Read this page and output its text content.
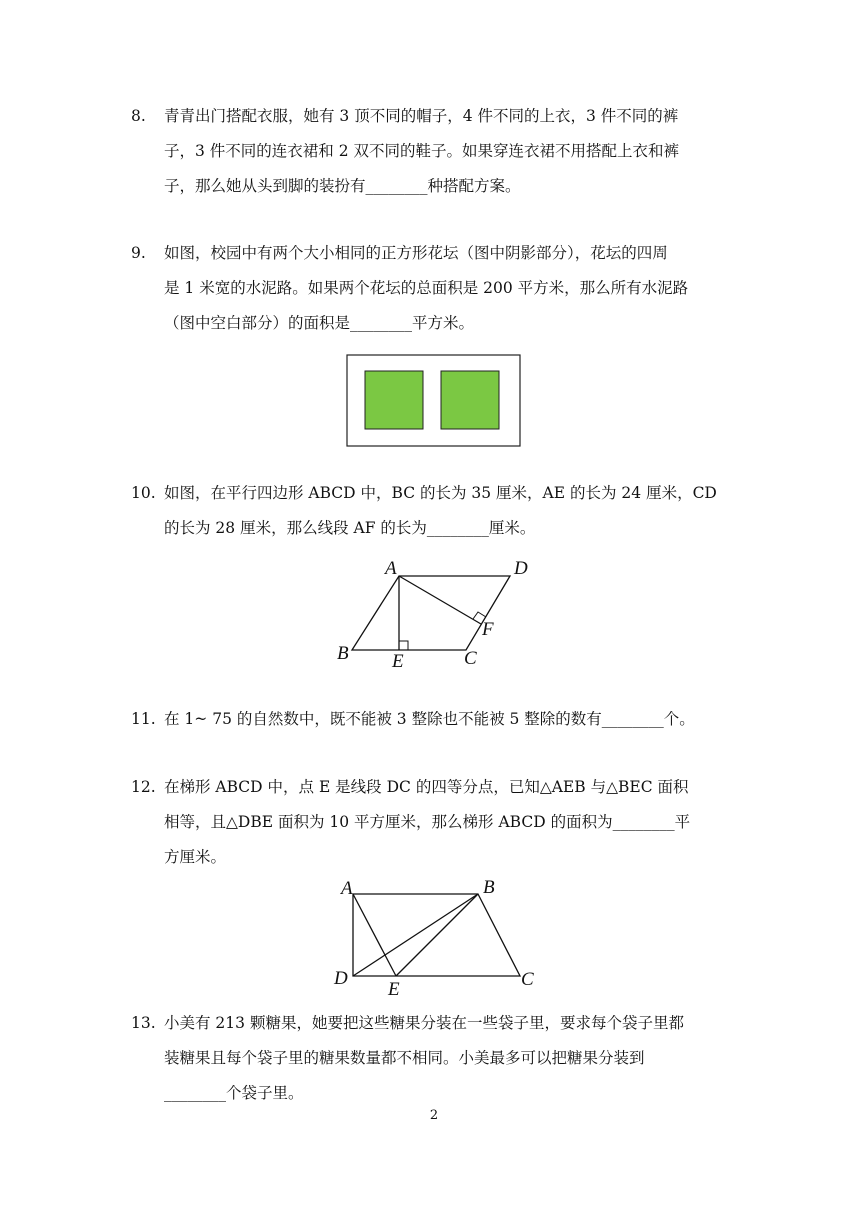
8. 青青出门搭配衣服，她有 3 顶不同的帽子，4 件不同的上衣，3 件不同的裤
子，3 件不同的连衣裙和 2 双不同的鞋子。如果穿连衣裙不用搭配上衣和裤
子，那么她从头到脚的装扮有________种搭配方案。
9. 如图，校园中有两个大小相同的正方形花坛（图中阴影部分），花坛的四周
是 1 米宽的水泥路。如果两个花坛的总面积是 200 平方米，那么所有水泥路
（图中空白部分）的面积是________平方米。
10. 如图，在平行四边形 ABCD 中，BC 的长为 35 厘米，AE 的长为 24 厘米，CD
的长为 28 厘米，那么线段 AF 的长为________厘米。
A	D
F
B E	C
11. 在 1~ 75 的自然数中，既不能被 3 整除也不能被 5 整除的数有________个。
12. 在梯形 ABCD 中，点 E 是线段 DC 的四等分点，已知△AEB 与△BEC 面积
相等，且△DBE 面积为 10 平方厘米，那么梯形 ABCD 的面积为________平
方厘米。
A	B
D
E	C
13. 小美有 213 颗糖果，她要把这些糖果分装在一些袋子里，要求每个袋子里都
装糖果且每个袋子里的糖果数量都不相同。小美最多可以把糖果分装到
________个袋子里。
2
